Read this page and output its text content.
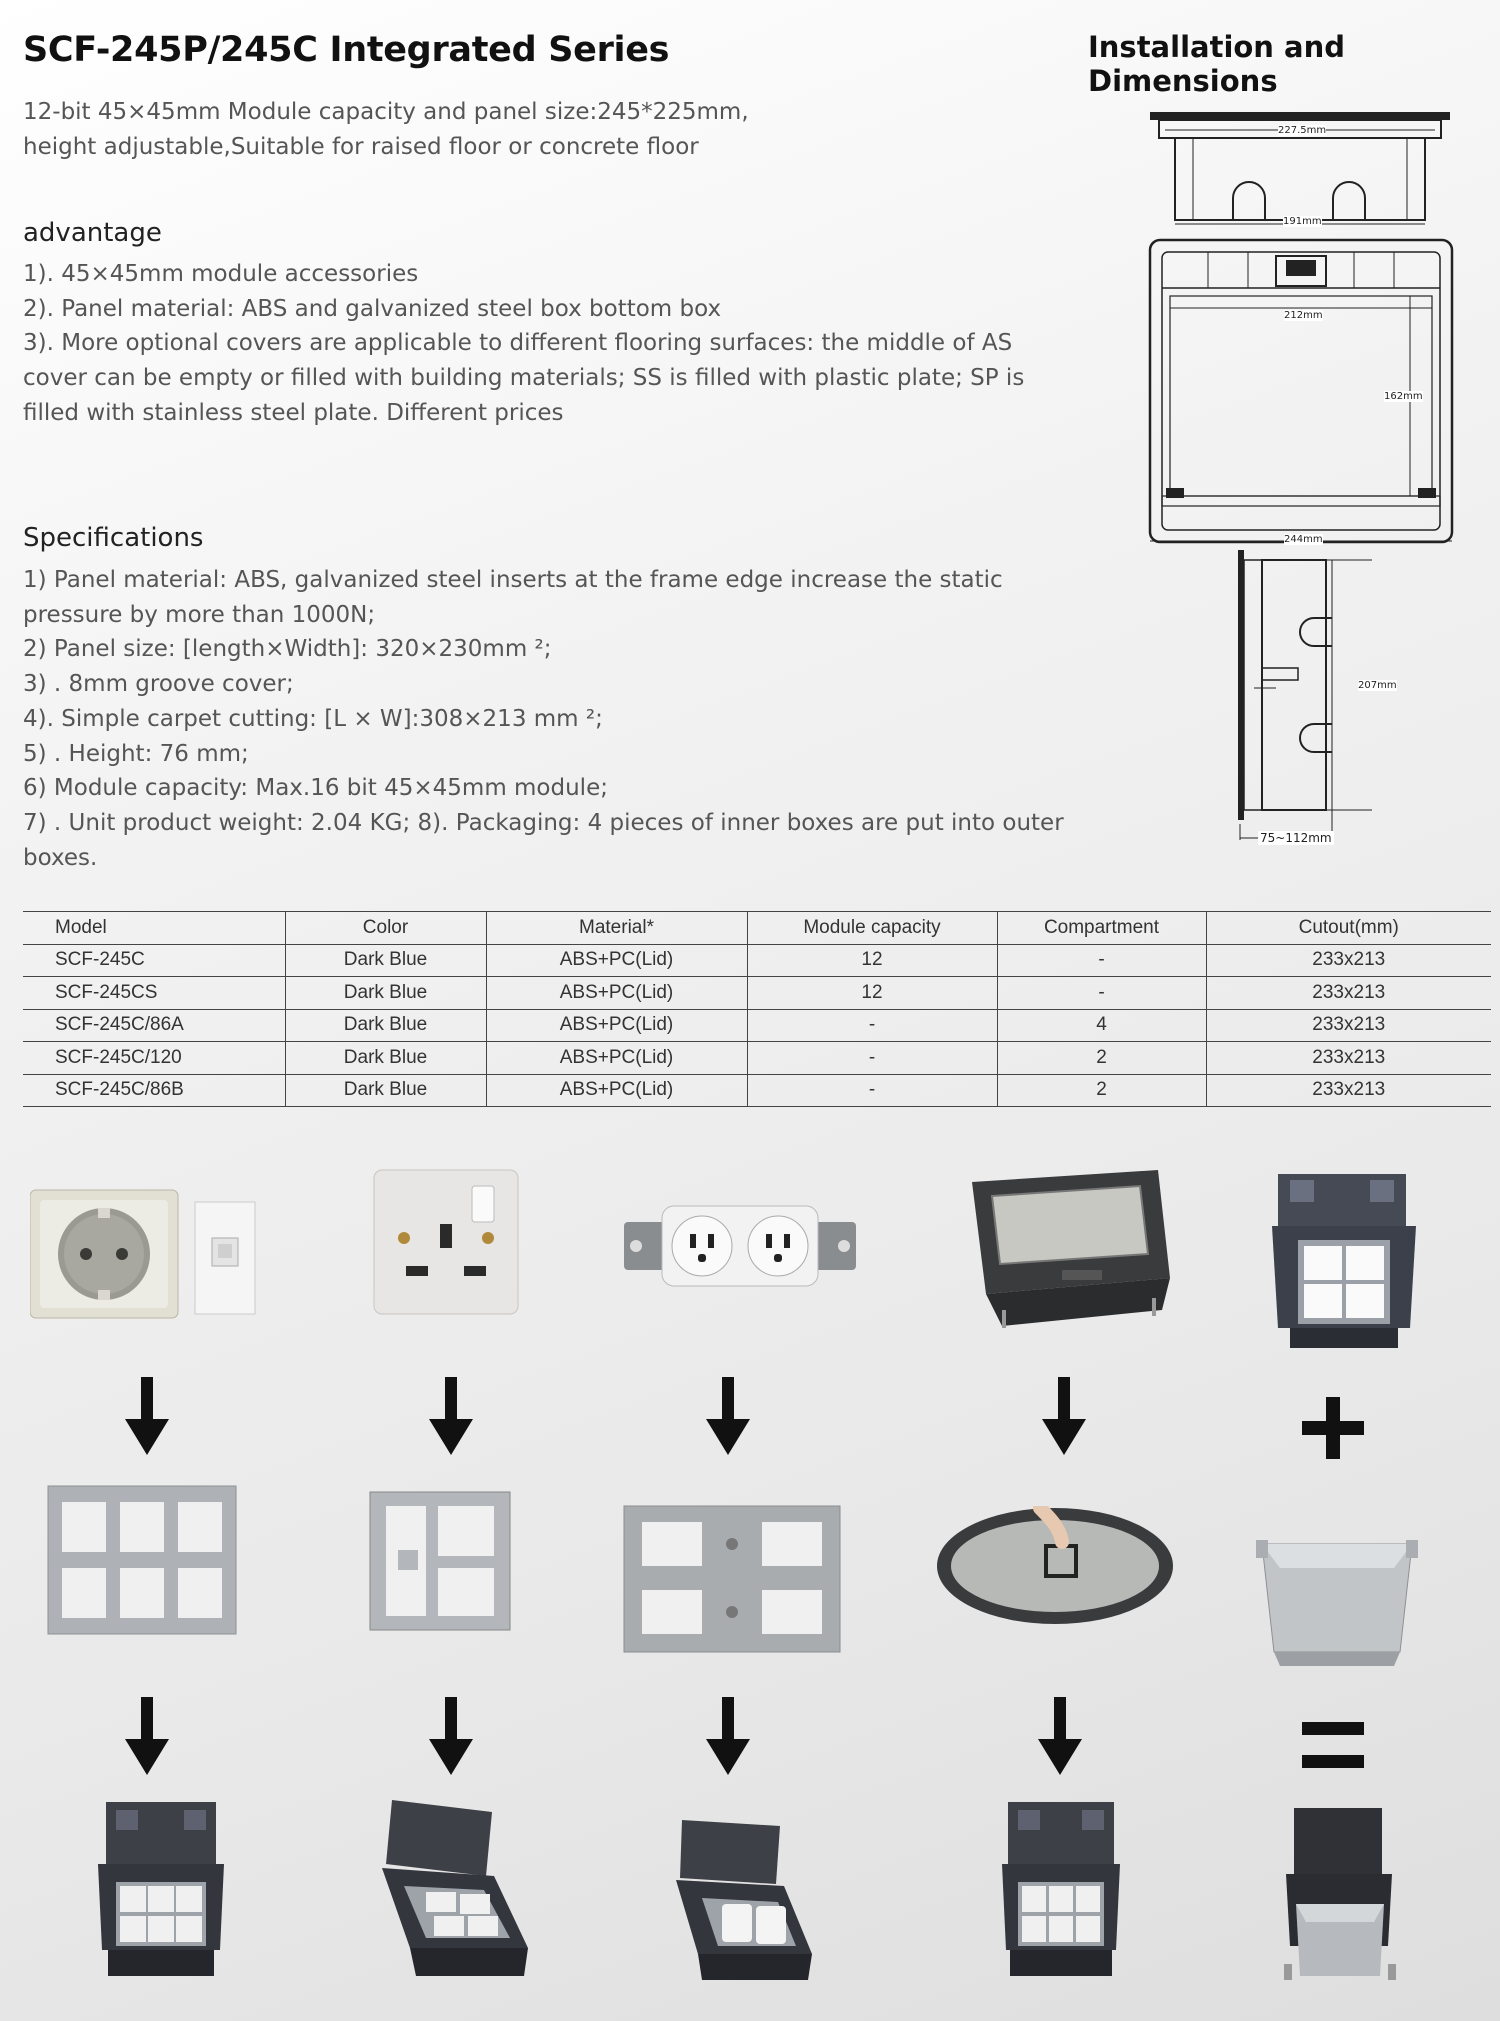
SCF-245P/245C Integrated Series	Installation and Dimensions
12-bit 45×45mm Module capacity and panel size:245*225mm,
height adjustable,Suitable for raised floor or concrete floor
advantage

1). 45×45mm module accessories

2). Panel material: ABS and galvanized steel box bottom box

3). More optional covers are applicable to different flooring surfaces: the middle of AS cover can be empty or filled with building materials; SS is filled with plastic plate; SP is filled with stainless steel plate. Different prices

Specifications

1) Panel material: ABS, galvanized steel inserts at the frame edge increase the static pressure by more than 1000N;

2) Panel size: [length×Width]: 320×230mm ²;

3) . 8mm groove cover;

4). Simple carpet cutting: [L × W]:308×213 mm ²;

5) . Height: 76 mm;

6) Module capacity: Max.16 bit 45×45mm module;

7) . Unit product weight: 2.04 KG; 8). Packaging: 4 pieces of inner boxes are put into outer boxes.

227.5mm
191mm
212mm
162mm
244mm
207mm
75~112mm
Model	Color	Material*	Module capacity	Compartment	Cutout(mm)
SCF-245C	Dark Blue	ABS+PC(Lid)	12	-	233x213
SCF-245CS	Dark Blue	ABS+PC(Lid)	12	-	233x213
SCF-245C/86A	Dark Blue	ABS+PC(Lid)	-	4	233x213
SCF-245C/120	Dark Blue	ABS+PC(Lid)	-	2	233x213
SCF-245C/86B	Dark Blue	ABS+PC(Lid)	-	2	233x213
